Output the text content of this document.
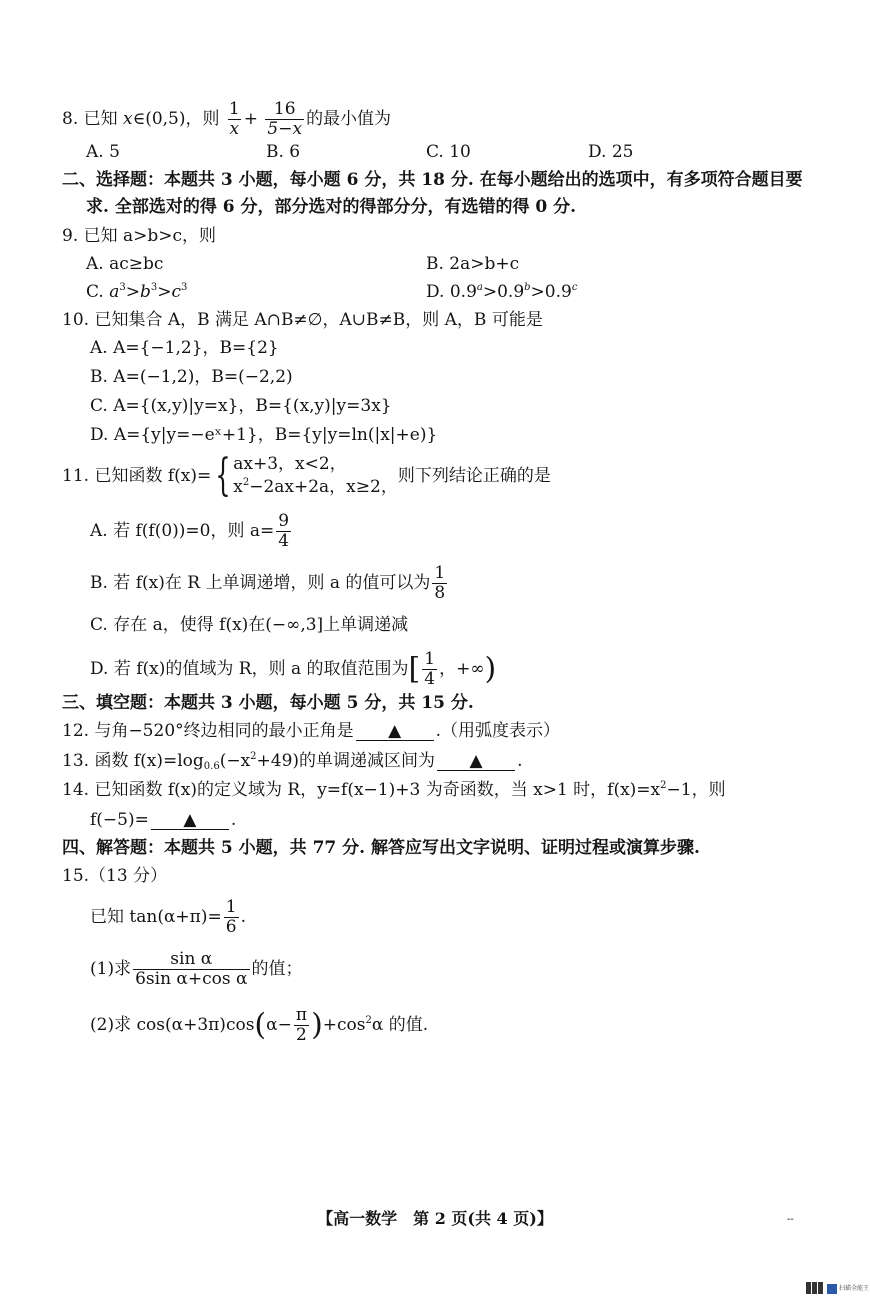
8. 已知 x∈(0,5)，则 $\frac{1}{x} + \frac{16}{5-x}$ 的最小值为
A. 5	B. 6	C. 10	D. 25
二、选择题：本题共 3 小题，每小题 6 分，共 18 分. 在每小题给出的选项中，有多项符合题目要
求. 全部选对的得 6 分，部分选对的得部分分，有选错的得 0 分.
9. 已知 a>b>c，则
A. ac≥bc	B. 2a>b+c
C. $a^3>b^3>c^3$	D. 0.9$^a$>0.9$^b$>0.9$^c$
10. 已知集合 A，B 满足 A∩B≠∅，A∪B≠B，则 A，B 可能是
A. A={−1,2}，B={2}
B. A=(−1,2)，B=(−2,2)
C. A={(x,y)|y=x}，B={(x,y)|y=3x}
D. A={y|y=−eˣ+1}，B={y|y=ln(|x|+e)}
11. 已知函数 f(x)= { ax+3，x<2，
$x^2-2ax+2a$，x≥2，
则下列结论正确的是
A. 若 f(f(0))=0，则 $a= \frac{9}{4}$
B. 若 f(x)在 R 上单调递增，则 a 的值可以为 $\frac{1}{8}$
C. 存在 a，使得 f(x)在(−∞,3]上单调递减
D. 若 f(x)的值域为 R，则 a 的取值范围为[ $\frac{1}{4}$ ，+∞)
三、填空题：本题共 3 小题，每小题 5 分，共 15 分.
12. 与角−520°终边相同的最小正角是 ▲ .（用弧度表示）
13. 函数 $f(x)=\log_{0.6}(-x^2+49)$的单调递减区间为 ▲ .
14. 已知函数 f(x)的定义域为 R，y=f(x−1)+3 为奇函数，当 x>1 时，$f(x)=x^2-1$，则
f(−5)= ▲ .
四、解答题：本题共 5 小题，共 77 分. 解答应写出文字说明、证明过程或演算步骤.
15.（13 分）
已知 $\tan(\alpha+\pi)= \frac{1}{6}$ .
(1)求 $\frac{\text{sin α}}{\text{6sin α+cos α}}$ 的值；
(2)求 $\cos(\alpha+3\pi)\cos(\alpha- \frac{\pi}{2} )+\cos^2\alpha$ 的值.
【高一数学　第 2 页(共 4 页)】	--
扫描全能王
